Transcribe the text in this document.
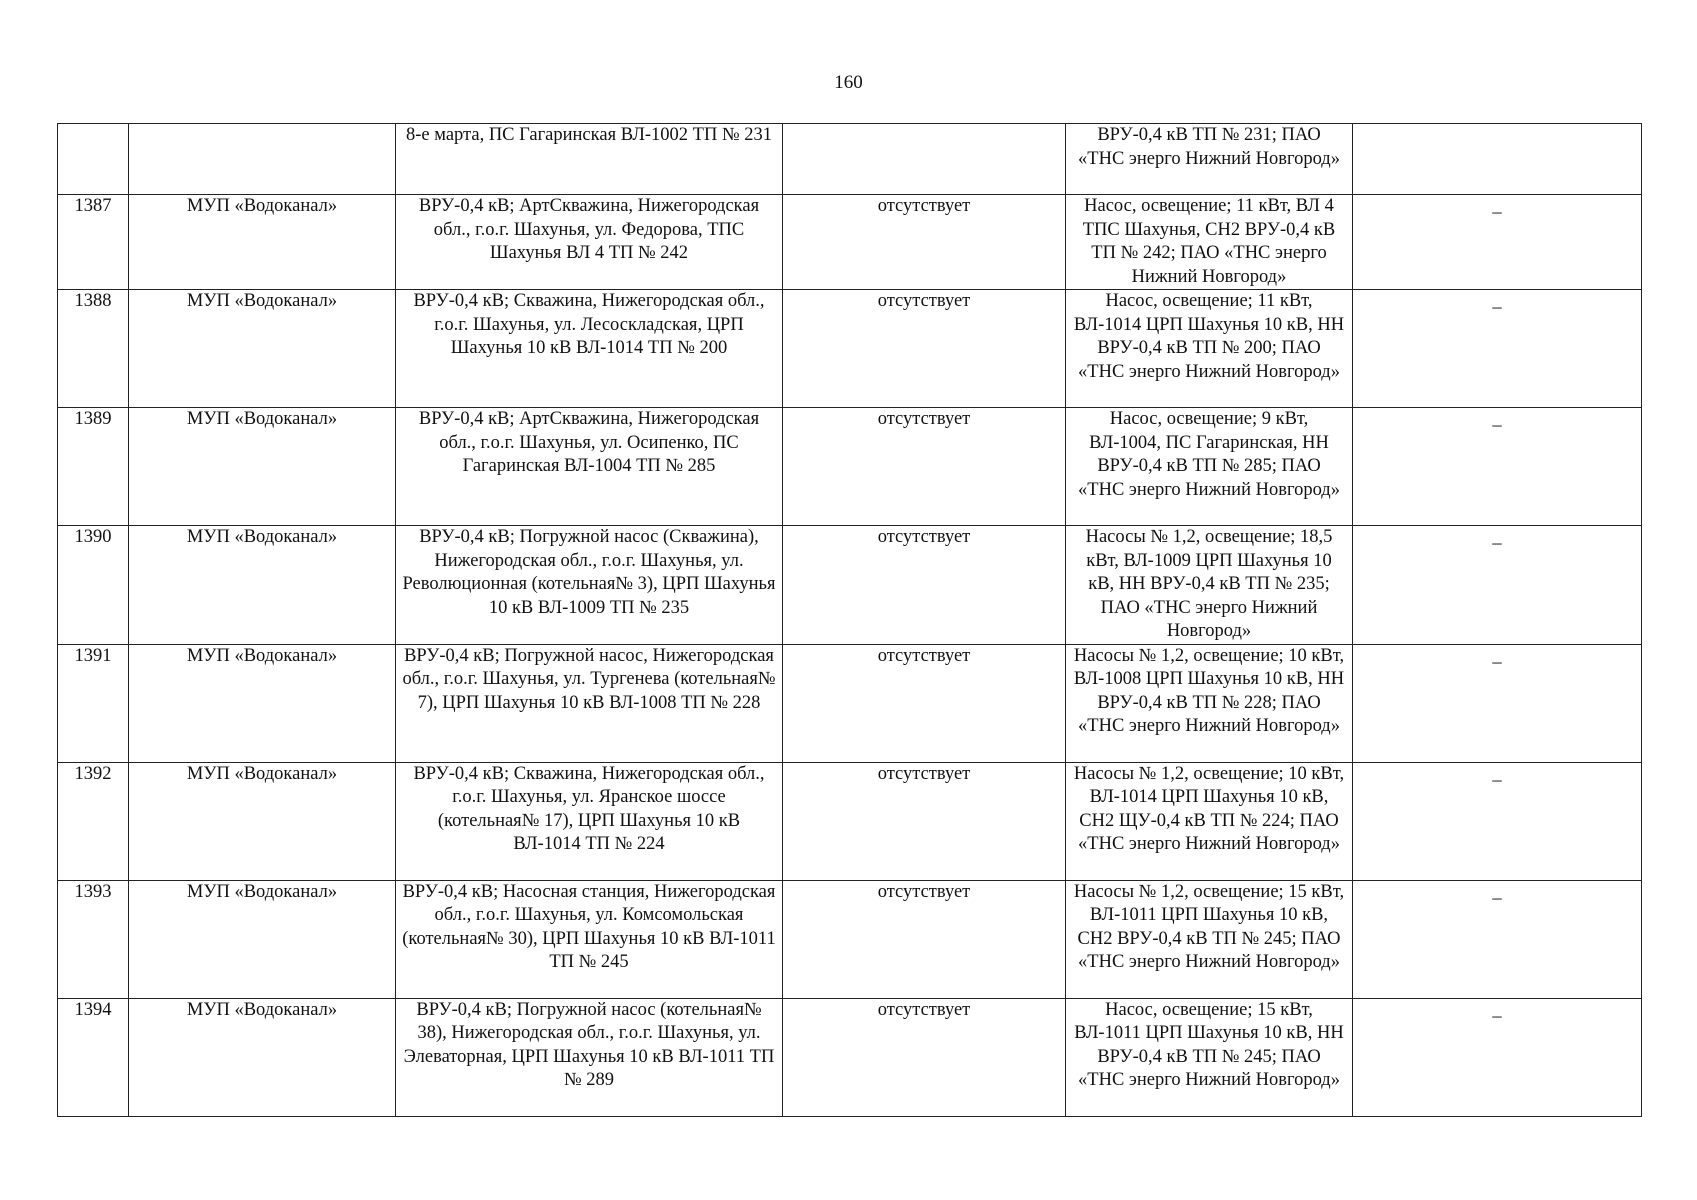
160
		8-е марта, ПС Гагаринская ВЛ-1002 ТП № 231		ВРУ-0,4 кВ ТП № 231; ПАО «ТНС энерго Нижний Новгород»	
1387	МУП «Водоканал»	ВРУ-0,4 кВ; АртСкважина, Нижегородская обл., г.о.г. Шахунья, ул. Федорова, ТПС Шахунья ВЛ 4 ТП № 242	отсутствует	Насос, освещение; 11 кВт, ВЛ 4 ТПС Шахунья, СН2 ВРУ-0,4 кВ ТП № 242; ПАО «ТНС энерго Нижний Новгород»	_
1388	МУП «Водоканал»	ВРУ-0,4 кВ; Скважина, Нижегородская обл., г.о.г. Шахунья, ул. Лесоскладская, ЦРП Шахунья 10 кВ ВЛ-1014 ТП № 200	отсутствует	Насос, освещение; 11 кВт, ВЛ-1014 ЦРП Шахунья 10 кВ, НН ВРУ-0,4 кВ ТП № 200; ПАО «ТНС энерго Нижний Новгород»	_
1389	МУП «Водоканал»	ВРУ-0,4 кВ; АртСкважина, Нижегородская обл., г.о.г. Шахунья, ул. Осипенко, ПС Гагаринская ВЛ-1004 ТП № 285	отсутствует	Насос, освещение; 9 кВт, ВЛ-1004, ПС Гагаринская, НН ВРУ-0,4 кВ ТП № 285; ПАО «ТНС энерго Нижний Новгород»	_
1390	МУП «Водоканал»	ВРУ-0,4 кВ; Погружной насос (Скважина), Нижегородская обл., г.о.г. Шахунья, ул. Революционная (котельная№ 3), ЦРП Шахунья 10 кВ ВЛ-1009 ТП № 235	отсутствует	Насосы № 1,2, освещение; 18,5 кВт, ВЛ-1009 ЦРП Шахунья 10 кВ, НН ВРУ-0,4 кВ ТП № 235; ПАО «ТНС энерго Нижний Новгород»	_
1391	МУП «Водоканал»	ВРУ-0,4 кВ; Погружной насос, Нижегородская обл., г.о.г. Шахунья, ул. Тургенева (котельная№ 7), ЦРП Шахунья 10 кВ ВЛ-1008 ТП № 228	отсутствует	Насосы № 1,2, освещение; 10 кВт, ВЛ-1008 ЦРП Шахунья 10 кВ, НН ВРУ-0,4 кВ ТП № 228; ПАО «ТНС энерго Нижний Новгород»	_
1392	МУП «Водоканал»	ВРУ-0,4 кВ; Скважина, Нижегородская обл., г.о.г. Шахунья, ул. Яранское шоссе (котельная№ 17), ЦРП Шахунья 10 кВ ВЛ-1014 ТП № 224	отсутствует	Насосы № 1,2, освещение; 10 кВт, ВЛ-1014 ЦРП Шахунья 10 кВ, СН2 ЩУ-0,4 кВ ТП № 224; ПАО «ТНС энерго Нижний Новгород»	_
1393	МУП «Водоканал»	ВРУ-0,4 кВ; Насосная станция, Нижегородская обл., г.о.г. Шахунья, ул. Комсомольская (котельная№ 30), ЦРП Шахунья 10 кВ ВЛ-1011 ТП № 245	отсутствует	Насосы № 1,2, освещение; 15 кВт, ВЛ-1011 ЦРП Шахунья 10 кВ, СН2 ВРУ-0,4 кВ ТП № 245; ПАО «ТНС энерго Нижний Новгород»	_
1394	МУП «Водоканал»	ВРУ-0,4 кВ; Погружной насос (котельная№ 38), Нижегородская обл., г.о.г. Шахунья, ул. Элеваторная, ЦРП Шахунья 10 кВ ВЛ-1011 ТП № 289	отсутствует	Насос, освещение; 15 кВт, ВЛ-1011 ЦРП Шахунья 10 кВ, НН ВРУ-0,4 кВ ТП № 245; ПАО «ТНС энерго Нижний Новгород»	_
